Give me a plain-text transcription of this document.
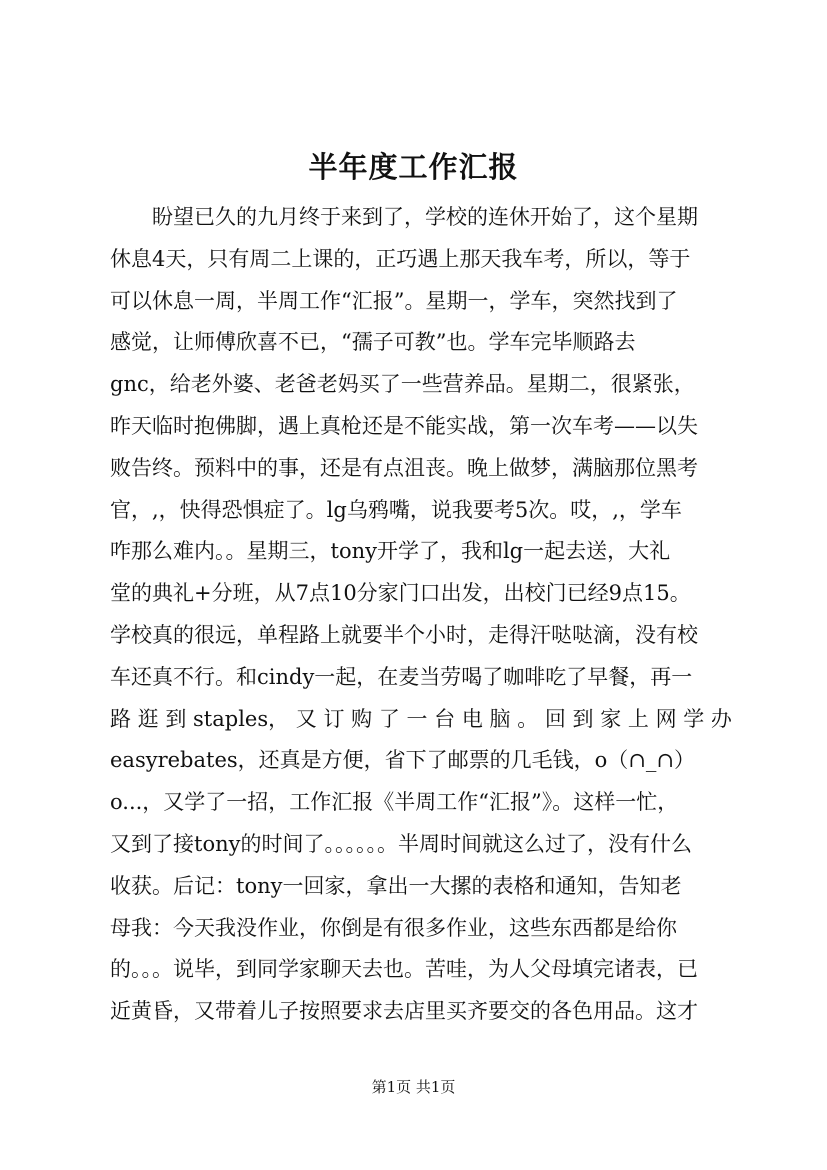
半年度工作汇报
盼望已久的九月终于来到了，学校的连休开始了，这个星期
休息4天，只有周二上课的，正巧遇上那天我车考，所以，等于
可以休息一周，半周工作“汇报”。星期一，学车，突然找到了
感觉，让师傅欣喜不已，“孺子可教”也。学车完毕顺路去
gnc，给老外婆、老爸老妈买了一些营养品。星期二，很紧张，
昨天临时抱佛脚，遇上真枪还是不能实战，第一次车考——以失
败告终。预料中的事，还是有点沮丧。晚上做梦，满脑那位黑考
官，,，快得恐惧症了。lg乌鸦嘴，说我要考5次。哎，,，学车
咋那么难内。。星期三，tony开学了，我和lg一起去送，大礼
堂的典礼+分班，从7点10分家门口出发，出校门已经9点15。
学校真的很远，单程路上就要半个小时，走得汗哒哒滴，没有校
车还真不行。和cindy一起，在麦当劳喝了咖啡吃了早餐，再一
路 逛 到 staples， 又 订 购 了 一 台 电 脑 。 回 到 家 上 网 学 办
easyrebates，还真是方便，省下了邮票的几毛钱，o（∩_∩）
o...，又学了一招，工作汇报《半周工作“汇报”》。这样一忙，
又到了接tony的时间了。。。。。。半周时间就这么过了，没有什么
收获。后记：tony一回家，拿出一大摞的表格和通知，告知老
母我：今天我没作业，你倒是有很多作业，这些东西都是给你
的。。。说毕，到同学家聊天去也。苦哇，为人父母填完诸表，已
近黄昏，又带着儿子按照要求去店里买齐要交的各色用品。这才
第1页 共1页
